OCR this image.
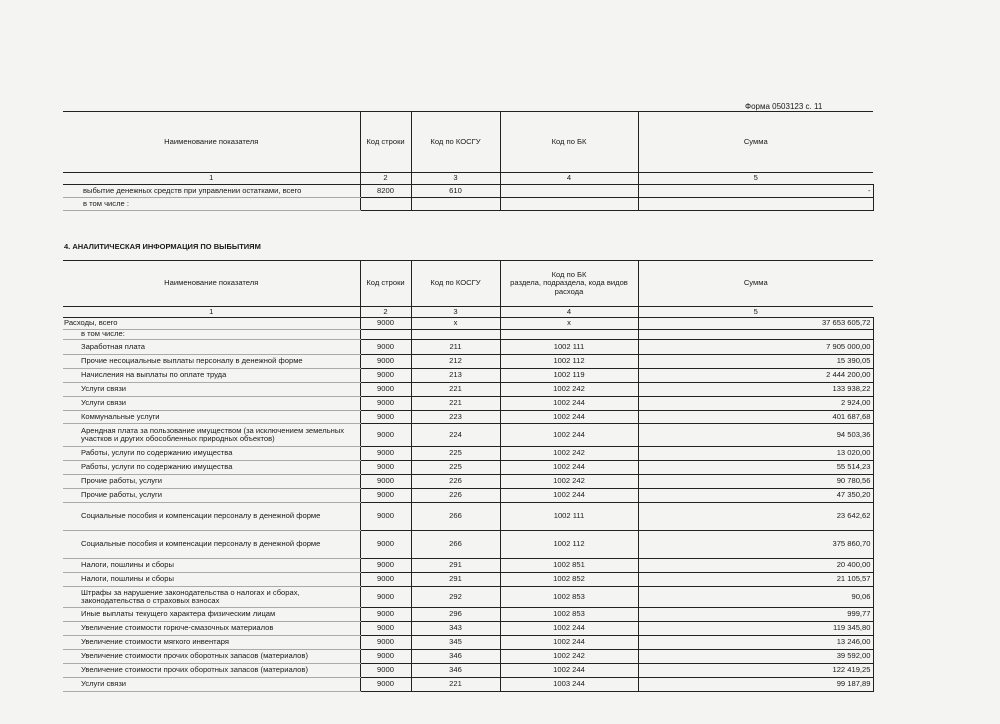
Форма 0503123 с. 11
Наименование показателя	Код строки	Код по КОСГУ	Код по БК	Сумма
1	2	3	4	5
выбытие денежных средств при управлении остатками, всего	8200	610		-
в том числе :				
4. АНАЛИТИЧЕСКАЯ ИНФОРМАЦИЯ ПО ВЫБЫТИЯМ
Наименование показателя	Код строки	Код по КОСГУ	Код по БК
раздела, подраздела, кода видов
расхода	Сумма
1	2	3	4	5
Расходы, всего	9000	x	x	37 653 605,72
в том числе:				
Заработная плата	9000	211	1002 111	7 905 000,00
Прочие несоциальные выплаты персоналу в денежной форме	9000	212	1002 112	15 390,05
Начисления на выплаты по оплате труда	9000	213	1002 119	2 444 200,00
Услуги связи	9000	221	1002 242	133 938,22
Услуги связи	9000	221	1002 244	2 924,00
Коммунальные услуги	9000	223	1002 244	401 687,68
Арендная плата за пользование имуществом (за исключением земельных участков и других обособленных природных объектов)	9000	224	1002 244	94 503,36
Работы, услуги по содержанию имущества	9000	225	1002 242	13 020,00
Работы, услуги по содержанию имущества	9000	225	1002 244	55 514,23
Прочие работы, услуги	9000	226	1002 242	90 780,56
Прочие работы, услуги	9000	226	1002 244	47 350,20
Социальные пособия и компенсации персоналу в денежной форме	9000	266	1002 111	23 642,62
Социальные пособия и компенсации персоналу в денежной форме	9000	266	1002 112	375 860,70
Налоги, пошлины и сборы	9000	291	1002 851	20 400,00
Налоги, пошлины и сборы	9000	291	1002 852	21 105,57
Штрафы за нарушение законодательства о налогах и сборах, законодательства о страховых взносах	9000	292	1002 853	90,06
Иные выплаты текущего характера физическим лицам	9000	296	1002 853	999,77
Увеличение стоимости горюче-смазочных материалов	9000	343	1002 244	119 345,80
Увеличение стоимости мягкого инвентаря	9000	345	1002 244	13 246,00
Увеличение стоимости прочих оборотных запасов (материалов)	9000	346	1002 242	39 592,00
Увеличение стоимости прочих оборотных запасов (материалов)	9000	346	1002 244	122 419,25
Услуги связи	9000	221	1003 244	99 187,89
